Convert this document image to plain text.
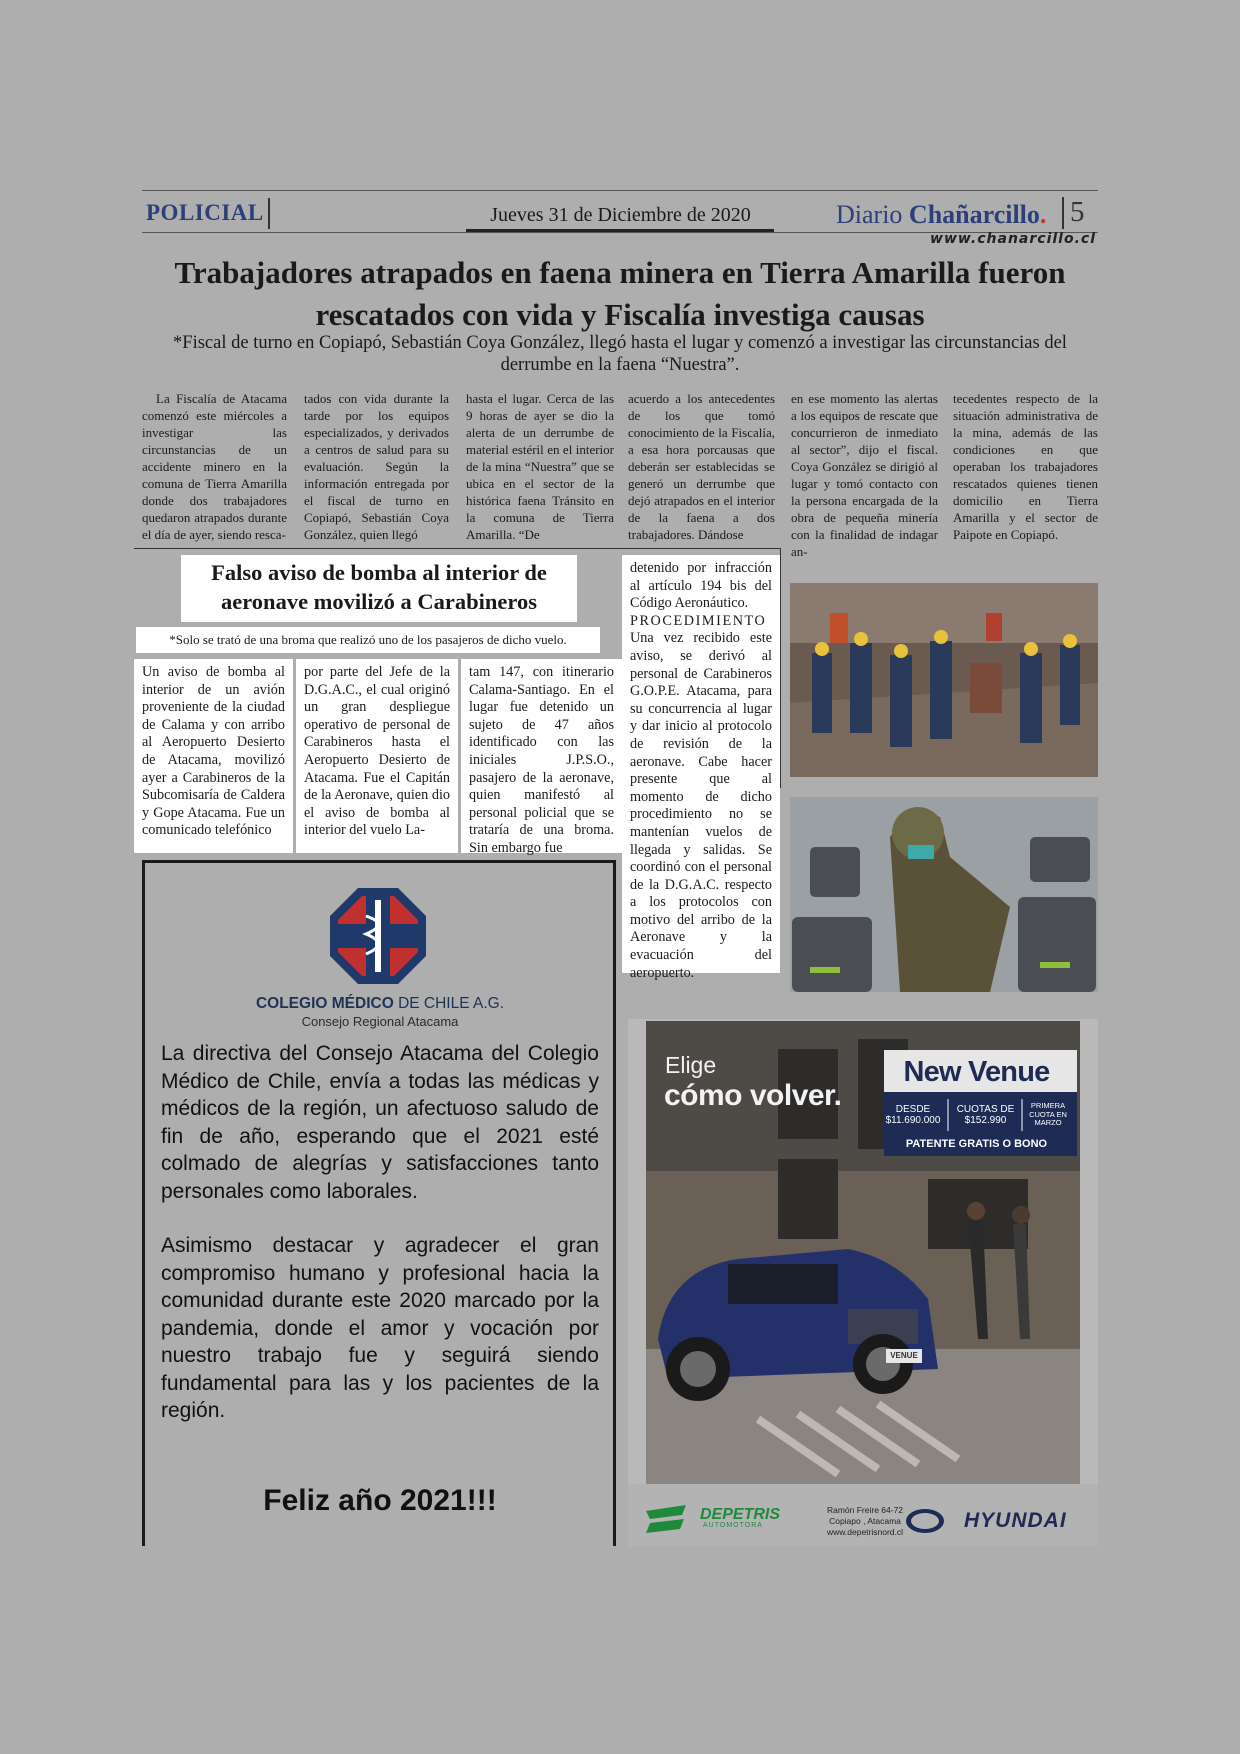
POLICIAL	Jueves 31 de Diciembre de 2020	Diario Chañarcillo. 5
www.chanarcillo.cl
Trabajadores atrapados en faena minera en Tierra Amarilla fueron rescatados con vida y Fiscalía investiga causas
*Fiscal de turno en Copiapó, Sebastián Coya González, llegó hasta el lugar y comenzó a investigar las circunstancias del derrumbe en la faena “Nuestra”.

La Fiscalía de Atacama comenzó este miércoles a investigar las circunstancias de un accidente minero en la comuna de Tierra Amarilla donde dos trabajadores quedaron atrapados durante el día de ayer, siendo resca-

tados con vida durante la tarde por los equipos especializados, y derivados a centros de salud para su evaluación. Según la información entregada por el fiscal de turno en Copiapó, Sebastián Coya González, quien llegó

hasta el lugar. Cerca de las 9 horas de ayer se dio la alerta de un derrumbe de material estéril en el interior de la mina “Nuestra” que se ubica en el sector de la histórica faena Tránsito en la comuna de Tierra Amarilla. “De

acuerdo a los antecedentes de los que tomó conocimiento de la Fiscalía, a esa hora porcausas que deberán ser establecidas se generó un derrumbe que dejó atrapados en el interior de la faena a dos trabajadores. Dándose

en ese momento las alertas a los equipos de rescate que concurrieron de inmediato al sector”, dijo el fiscal. Coya González se dirigió al lugar y tomó contacto con la persona encargada de la obra de pequeña minería con la finalidad de indagar an-

tecedentes respecto de la situación administrativa de la mina, además de las condiciones en que operaban los trabajadores rescatados quienes tienen domicilio en Tierra Amarilla y el sector de Paipote en Copiapó.

Falso aviso de bomba al interior de
aeronave movilizó a Carabineros
*Solo se trató de una broma que realizó uno de los pasajeros de dicho vuelo.

Un aviso de bomba al interior de un avión proveniente de la ciudad de Calama y con arribo al Aeropuerto Desierto de Atacama, movilizó ayer a Carabineros de la Subcomisaría de Caldera y Gope Atacama. Fue un comunicado telefónico

por parte del Jefe de la D.G.A.C., el cual originó un gran despliegue operativo de personal de Carabineros hasta el Aeropuerto Desierto de Atacama. Fue el Capitán de la Aeronave, quien dio el aviso de bomba al interior del vuelo La-

tam 147, con itinerario Calama-Santiago. En el lugar fue detenido un sujeto de 47 años identificado con las iniciales J.P.S.O., pasajero de la aeronave, quien manifestó al personal policial que se trataría de una broma. Sin embargo fue

detenido por infracción al artículo 194 bis del Código Aeronáutico.

PROCEDIMIENTO

Una vez recibido este aviso, se derivó al personal de Carabineros G.O.P.E. Atacama, para su concurrencia al lugar y dar inicio al protocolo de revisión de la aeronave. Cabe hacer presente que al momento de dicho procedimiento no se mantenían vuelos de llegada y salidas. Se coordinó con el personal de la D.G.A.C. respecto a los protocolos con motivo del arribo de la Aeronave y la evacuación del aeropuerto.

COLEGIO MÉDICO DE CHILE A.G.
Consejo Regional Atacama

La directiva del Consejo Atacama del Colegio Médico de Chile, envía a todas las médicas y médicos de la región, un afectuoso saludo de fin de año, esperando que el 2021 esté colmado de alegrías y satisfacciones tanto personales como laborales.

Asimismo destacar y agradecer el gran compromiso humano y profesional hacia la comunidad durante este 2020 marcado por la pandemia, donde el amor y vocación por nuestro trabajo fue y seguirá siendo fundamental para las y los pacientes de la región.

Feliz año 2021!!!
Elige
cómo volver.
New Venue
DESDE
$11.690.000
CUOTAS DE
$152.990
PRIMERA
CUOTA EN
MARZO
PATENTE GRATIS O BONO
VENUE
DEPETRIS
AUTOMOTORA
Ramón Freire 64-72
Copiapo , Atacama
www.depetrisnord.cl	HYUNDAI
